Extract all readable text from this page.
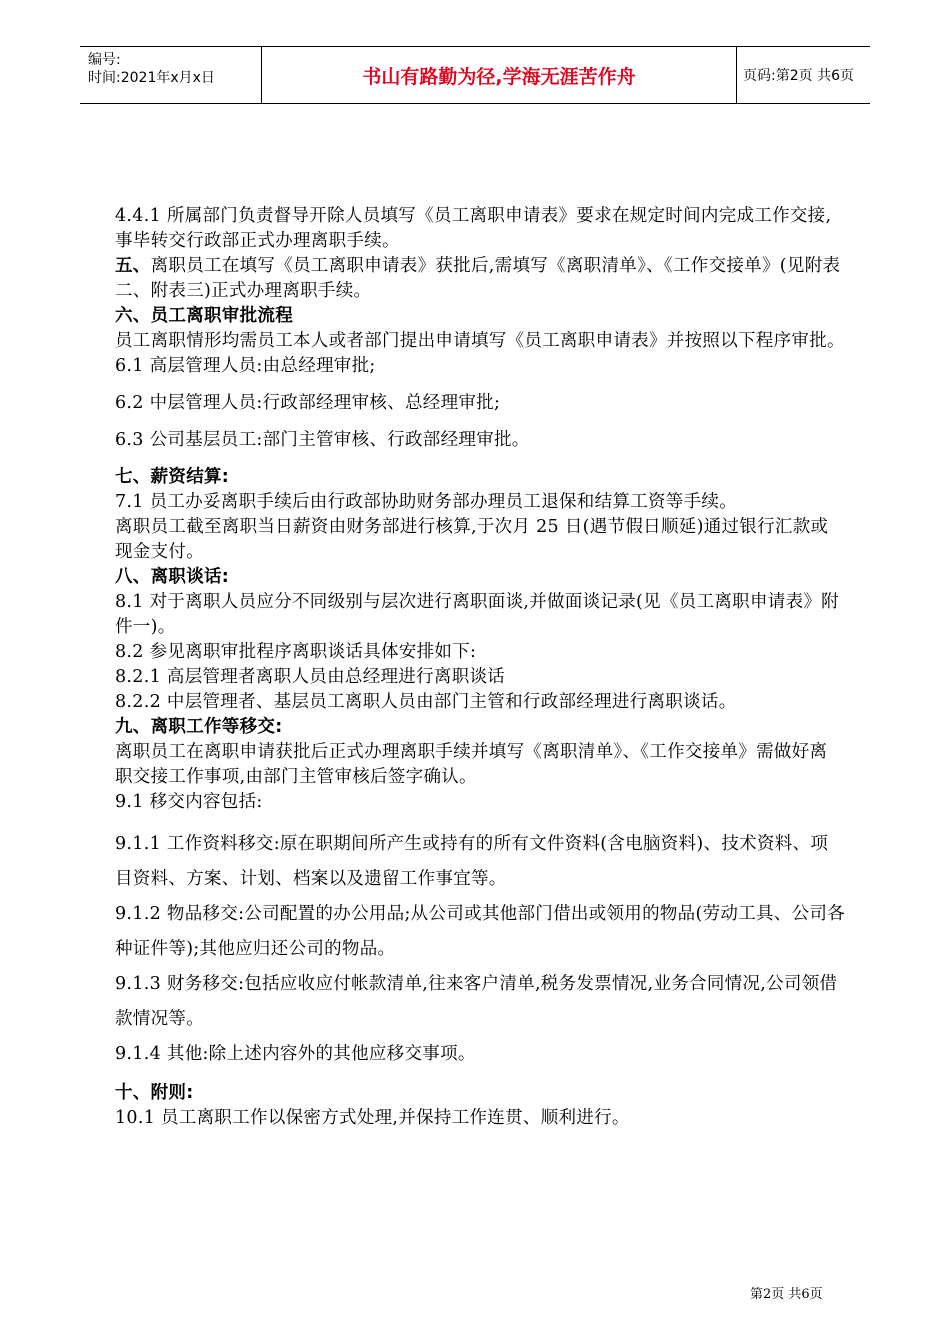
编号:
时间:2021年x月x日	书山有路勤为径,学海无涯苦作舟	页码:第2页 共6页

4.4.1 所属部门负责督导开除人员填写《员工离职申请表》要求在规定时间内完成工作交接,事毕转交行政部正式办理离职手续。

五、离职员工在填写《员工离职申请表》获批后,需填写《离职清单》、《工作交接单》(见附表二、附表三)正式办理离职手续。

六、员工离职审批流程

员工离职情形均需员工本人或者部门提出申请填写《员工离职申请表》并按照以下程序审批。

6.1 高层管理人员:由总经理审批;

6.2 中层管理人员:行政部经理审核、总经理审批;

6.3 公司基层员工:部门主管审核、行政部经理审批。

七、薪资结算:

7.1 员工办妥离职手续后由行政部协助财务部办理员工退保和结算工资等手续。

离职员工截至离职当日薪资由财务部进行核算,于次月 25 日(遇节假日顺延)通过银行汇款或现金支付。

八、离职谈话:

8.1 对于离职人员应分不同级别与层次进行离职面谈,并做面谈记录(见《员工离职申请表》附件一)。

8.2 参见离职审批程序离职谈话具体安排如下:

8.2.1 高层管理者离职人员由总经理进行离职谈话

8.2.2 中层管理者、基层员工离职人员由部门主管和行政部经理进行离职谈话。

九、离职工作等移交:

离职员工在离职申请获批后正式办理离职手续并填写《离职清单》、《工作交接单》需做好离职交接工作事项,由部门主管审核后签字确认。

9.1 移交内容包括:

9.1.1 工作资料移交:原在职期间所产生或持有的所有文件资料(含电脑资料)、技术资料、项目资料、方案、计划、档案以及遗留工作事宜等。

9.1.2 物品移交:公司配置的办公用品;从公司或其他部门借出或领用的物品(劳动工具、公司各种证件等);其他应归还公司的物品。

9.1.3 财务移交:包括应收应付帐款清单,往来客户清单,税务发票情况,业务合同情况,公司领借款情况等。

9.1.4 其他:除上述内容外的其他应移交事项。

十、附则:

10.1 员工离职工作以保密方式处理,并保持工作连贯、顺利进行。

第2页 共6页
